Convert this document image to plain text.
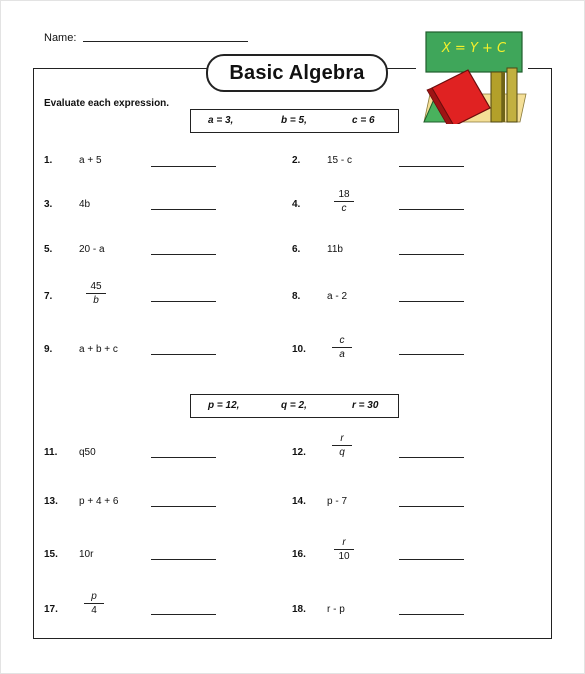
Name:
Basic Algebra
X = Y + C
Evaluate each expression.
a = 3,	b = 5,	c = 6
p = 12,	q = 2,	r = 30
1.	a + 5	2.	15 - c
3.	4b	4.	$\frac{18}{c}$
5.	20 - a	6.	11b
7.	$\frac{45}{b}$	8.	a - 2
9.	a + b + c	10.	$\frac{c}{a}$
11. q50	12.	$\frac{r}{q}$
13. p + 4 + 6	14. p - 7
15. 10r	16.	$\frac{r}{10}$
17.	$\frac{p}{4}$	18. r - p
